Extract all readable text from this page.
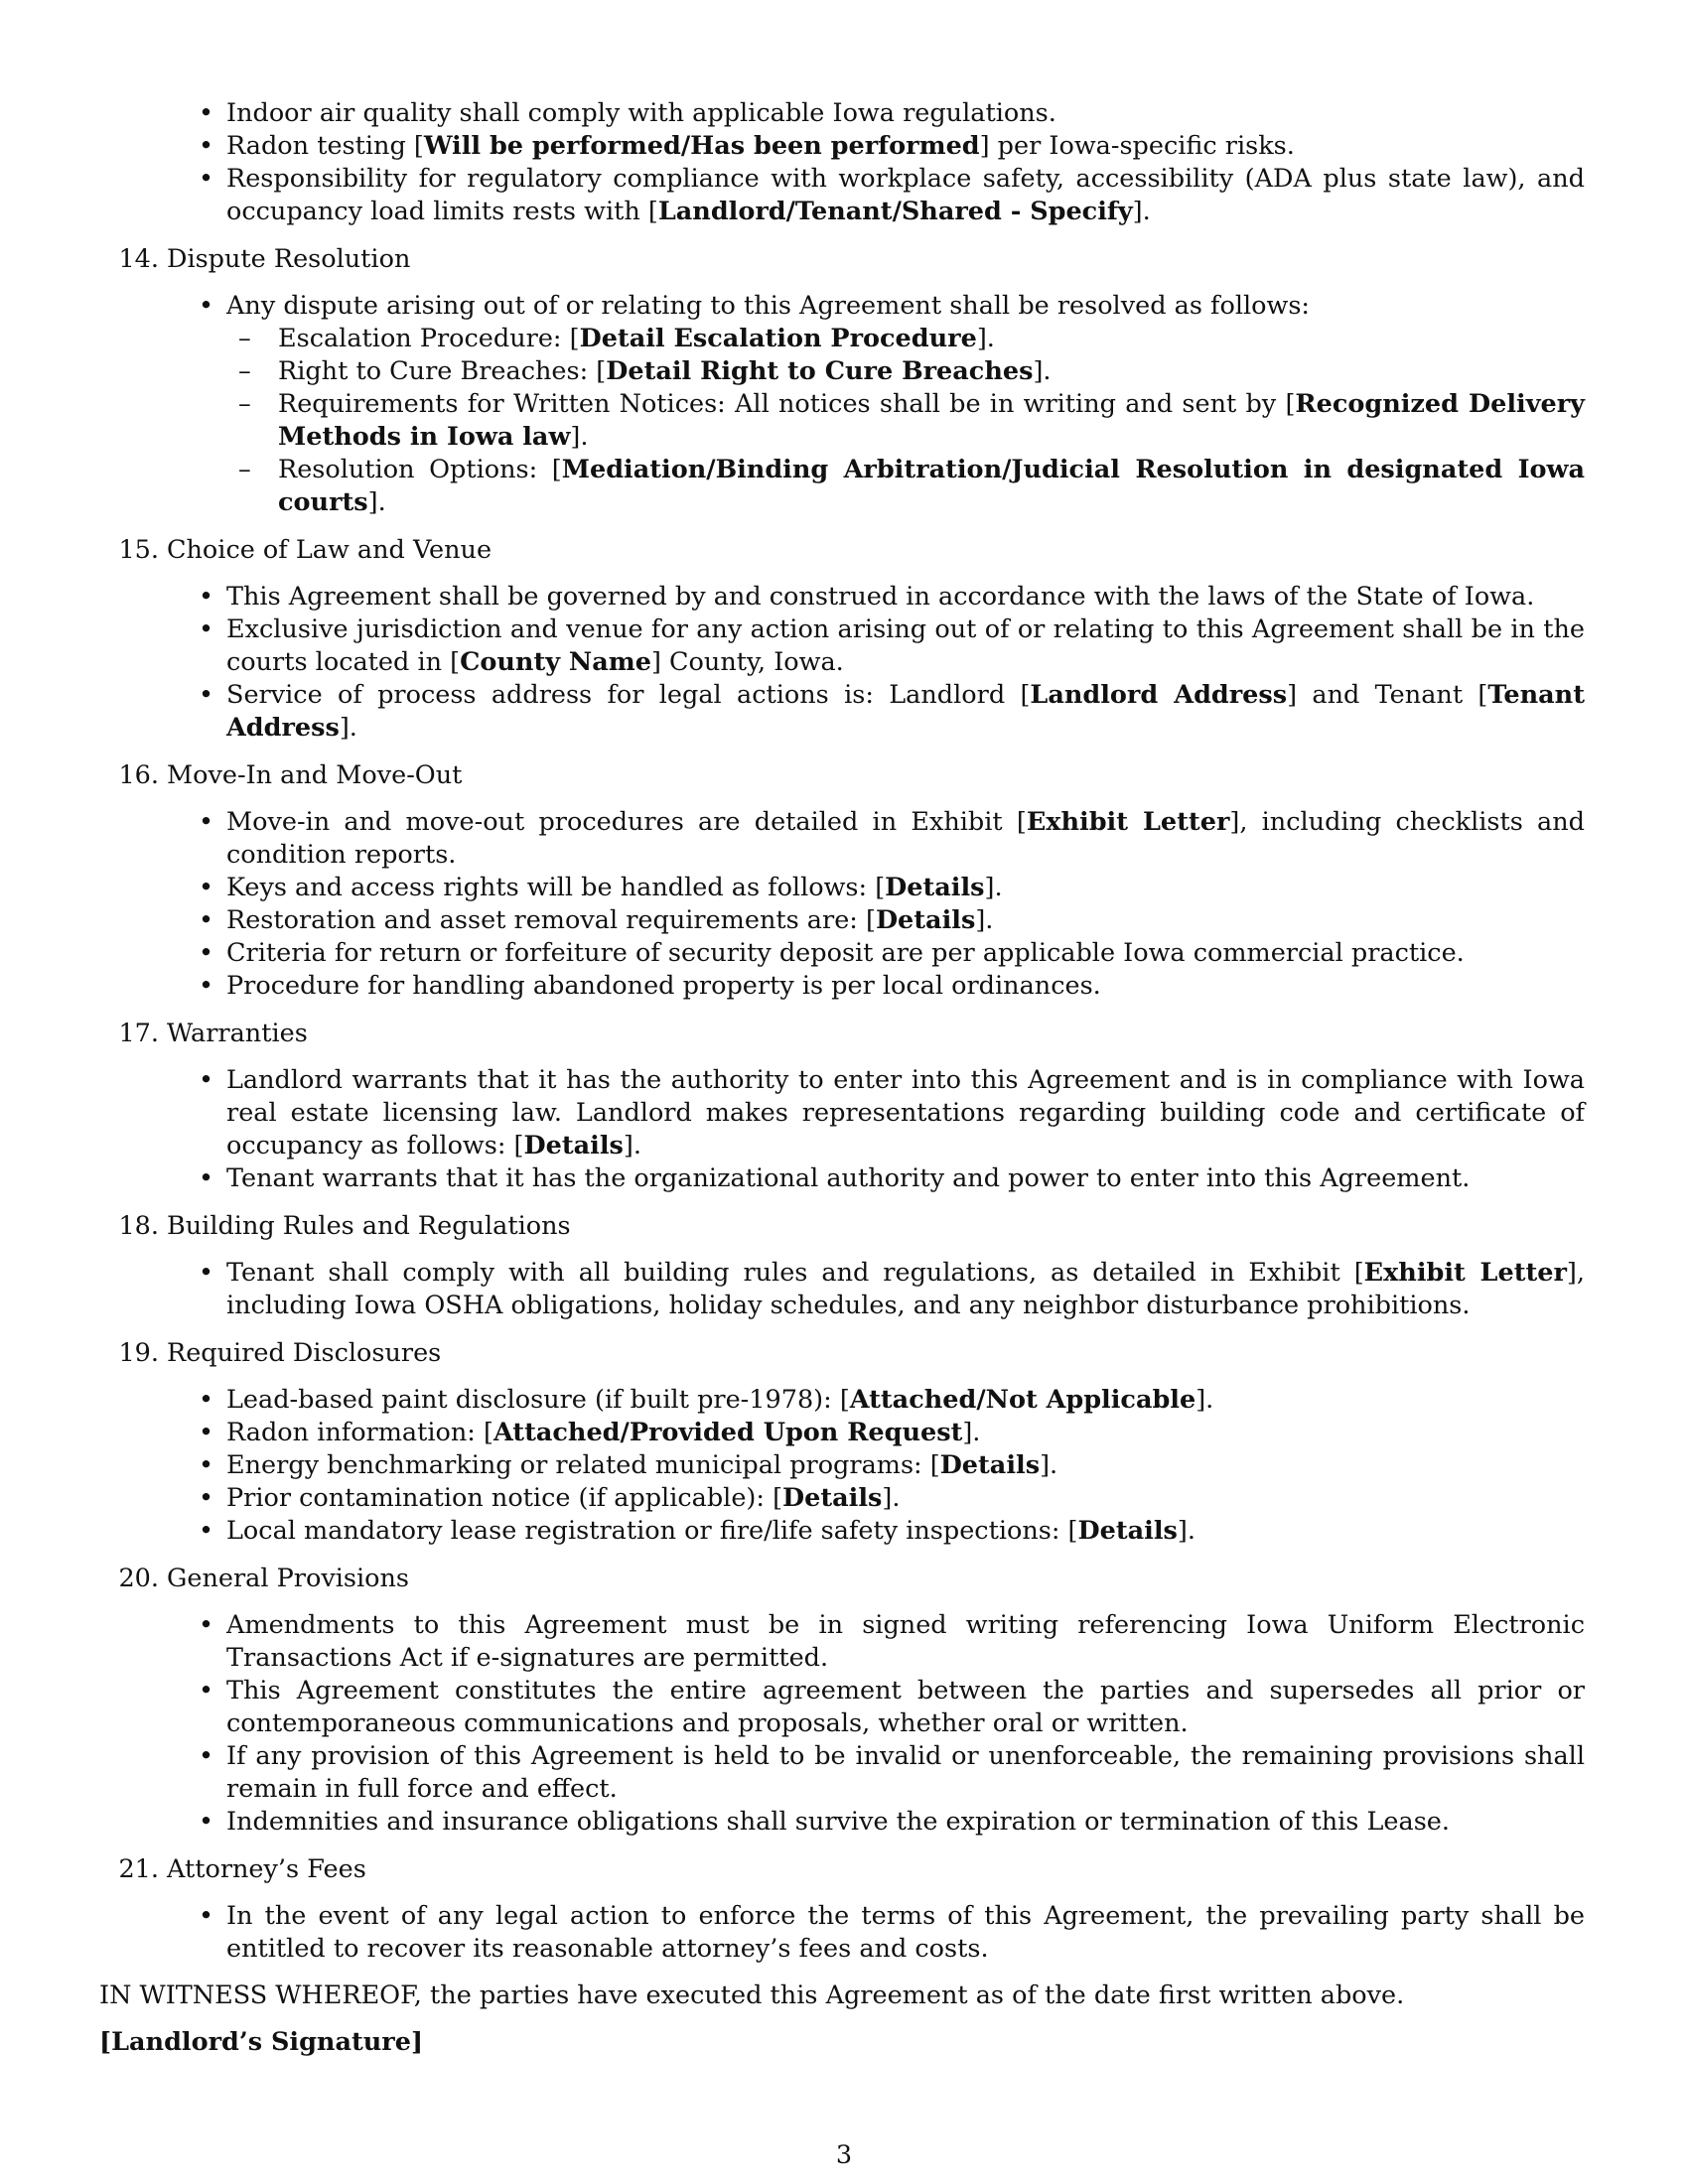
• Indoor air quality shall comply with applicable Iowa regulations.
• Radon testing [Will be performed/Has been performed] per Iowa-specific risks.
• Responsibility for regulatory compliance with workplace safety, accessibility (ADA plus state law), and occupancy load limits rests with [Landlord/Tenant/Shared - Specify].
14. Dispute Resolution
• Any dispute arising out of or relating to this Agreement shall be resolved as follows:
– Escalation Procedure: [Detail Escalation Procedure].
– Right to Cure Breaches: [Detail Right to Cure Breaches].
– Requirements for Written Notices: All notices shall be in writing and sent by [Recognized Delivery Methods in Iowa law].
– Resolution Options: [Mediation/Binding Arbitration/Judicial Resolution in designated Iowa courts].
15. Choice of Law and Venue
• This Agreement shall be governed by and construed in accordance with the laws of the State of Iowa.
• Exclusive jurisdiction and venue for any action arising out of or relating to this Agreement shall be in the courts located in [County Name] County, Iowa.
• Service of process address for legal actions is: Landlord [Landlord Address] and Tenant [Tenant Address].
16. Move-In and Move-Out
• Move-in and move-out procedures are detailed in Exhibit [Exhibit Letter], including checklists and condition reports.
• Keys and access rights will be handled as follows: [Details].
• Restoration and asset removal requirements are: [Details].
• Criteria for return or forfeiture of security deposit are per applicable Iowa commercial practice.
• Procedure for handling abandoned property is per local ordinances.
17. Warranties
• Landlord warrants that it has the authority to enter into this Agreement and is in compliance with Iowa real estate licensing law. Landlord makes representations regarding building code and certificate of occupancy as follows: [Details].
• Tenant warrants that it has the organizational authority and power to enter into this Agreement.
18. Building Rules and Regulations
• Tenant shall comply with all building rules and regulations, as detailed in Exhibit [Exhibit Letter], including Iowa OSHA obligations, holiday schedules, and any neighbor disturbance prohibitions.
19. Required Disclosures
• Lead-based paint disclosure (if built pre-1978): [Attached/Not Applicable].
• Radon information: [Attached/Provided Upon Request].
• Energy benchmarking or related municipal programs: [Details].
• Prior contamination notice (if applicable): [Details].
• Local mandatory lease registration or fire/life safety inspections: [Details].
20. General Provisions
• Amendments to this Agreement must be in signed writing referencing Iowa Uniform Electronic Transactions Act if e-signatures are permitted.
• This Agreement constitutes the entire agreement between the parties and supersedes all prior or contemporaneous communications and proposals, whether oral or written.
• If any provision of this Agreement is held to be invalid or unenforceable, the remaining provisions shall remain in full force and effect.
• Indemnities and insurance obligations shall survive the expiration or termination of this Lease.
21. Attorney’s Fees
• In the event of any legal action to enforce the terms of this Agreement, the prevailing party shall be entitled to recover its reasonable attorney’s fees and costs.
IN WITNESS WHEREOF, the parties have executed this Agreement as of the date first written above.
[Landlord’s Signature]
3
